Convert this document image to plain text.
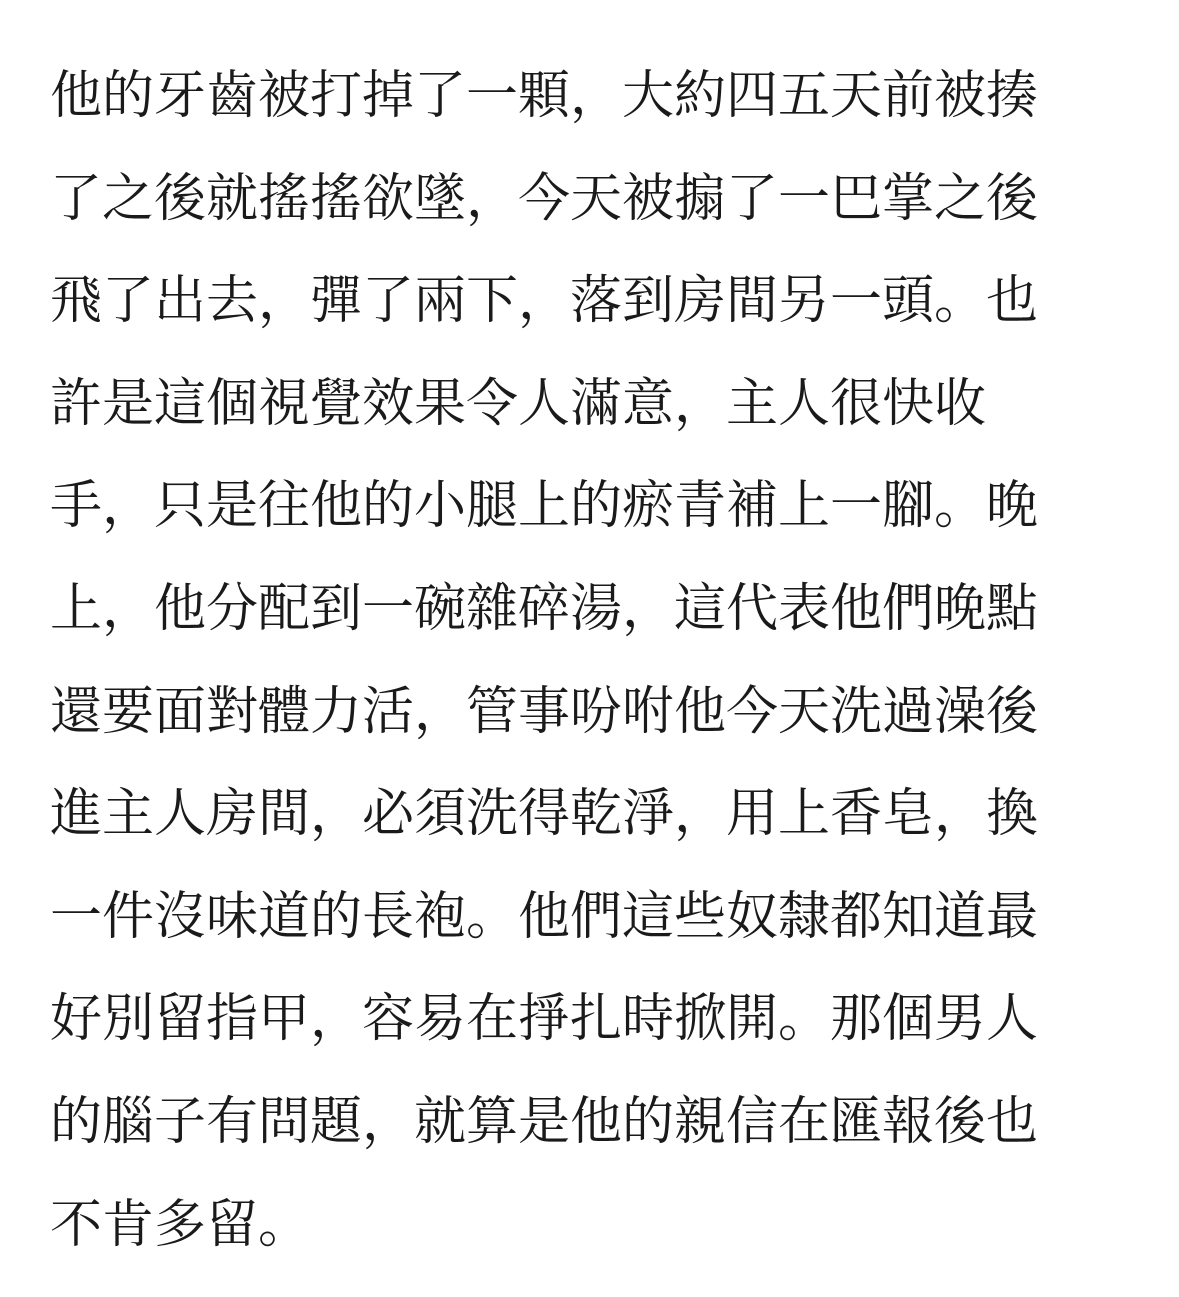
他的牙齒被打掉了一顆，大約四五天前被揍
了之後就搖搖欲墜，今天被搧了一巴掌之後
飛了出去，彈了兩下，落到房間另一頭。也
許是這個視覺效果令人滿意，主人很快收
手，只是往他的小腿上的瘀青補上一腳。晚
上，他分配到一碗雜碎湯，這代表他們晚點
還要面對體力活，管事吩咐他今天洗過澡後
進主人房間，必須洗得乾淨，用上香皂，換
一件沒味道的長袍。他們這些奴隸都知道最
好別留指甲，容易在掙扎時掀開。那個男人
的腦子有問題，就算是他的親信在匯報後也
不肯多留。
